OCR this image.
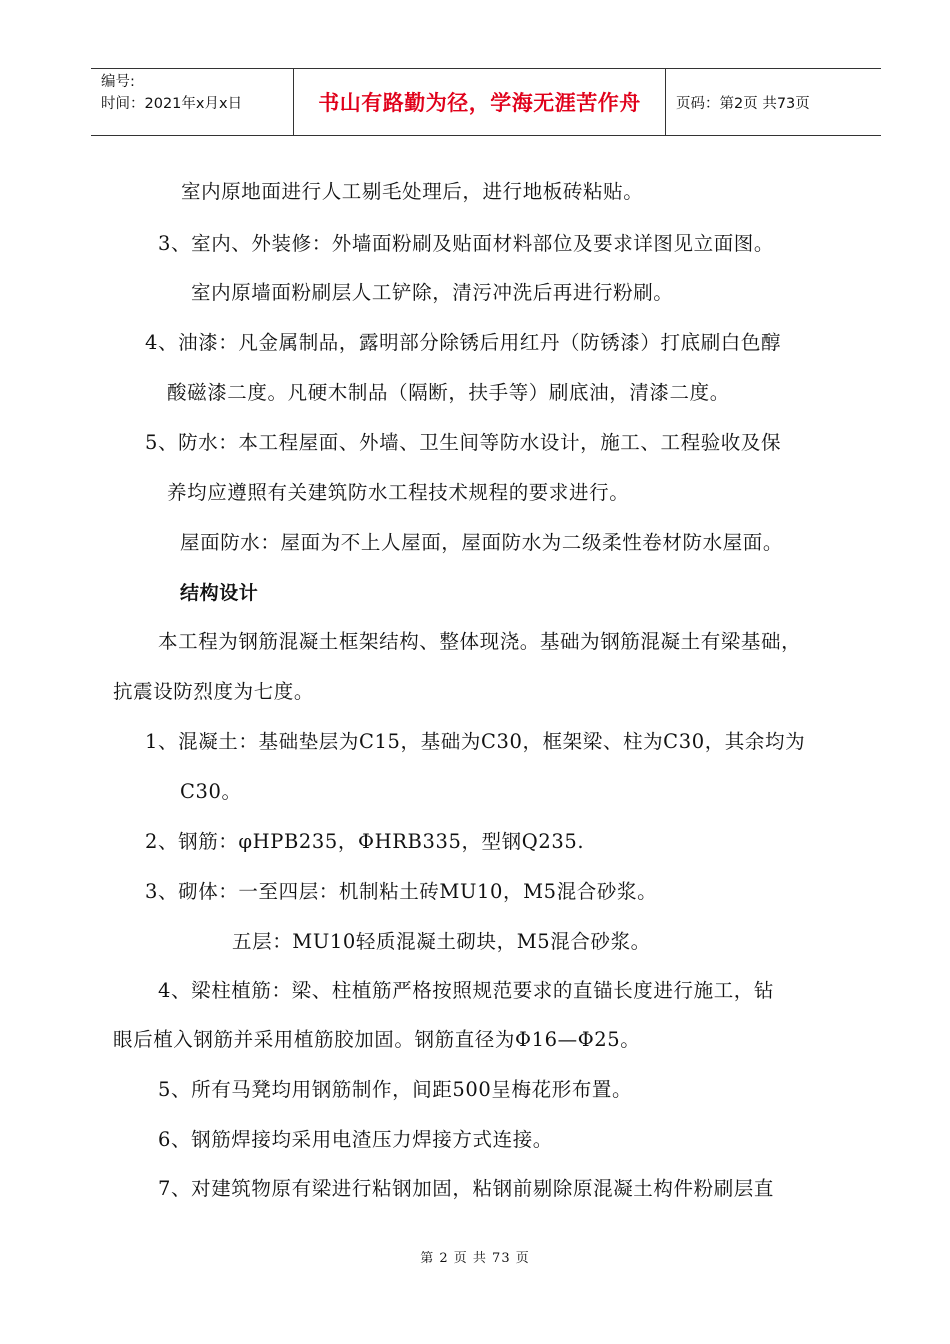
编号:
时间：2021年x月x日	书山有路勤为径，学海无涯苦作舟 页码：第2页 共73页
室内原地面进行人工剔毛处理后，进行地板砖粘贴。
3、室内、外装修：外墙面粉刷及贴面材料部位及要求详图见立面图。
室内原墙面粉刷层人工铲除，清污冲洗后再进行粉刷。
4、油漆：凡金属制品，露明部分除锈后用红丹（防锈漆）打底刷白色醇
酸磁漆二度。凡硬木制品（隔断，扶手等）刷底油，清漆二度。
5、防水：本工程屋面、外墙、卫生间等防水设计，施工、工程验收及保
养均应遵照有关建筑防水工程技术规程的要求进行。
屋面防水：屋面为不上人屋面，屋面防水为二级柔性卷材防水屋面。
结构设计
本工程为钢筋混凝土框架结构、整体现浇。基础为钢筋混凝土有梁基础，
抗震设防烈度为七度。
1、混凝土：基础垫层为C15，基础为C30，框架梁、柱为C30，其余均为
C30。
2、钢筋：φHPB235，ΦHRB335，型钢Q235.
3、砌体：一至四层：机制粘土砖MU10，M5混合砂浆。
五层：MU10轻质混凝土砌块，M5混合砂浆。
4、梁柱植筋：梁、柱植筋严格按照规范要求的直锚长度进行施工，钻
眼后植入钢筋并采用植筋胶加固。钢筋直径为Φ16—Φ25。
5、所有马凳均用钢筋制作，间距500呈梅花形布置。
6、钢筋焊接均采用电渣压力焊接方式连接。
7、对建筑物原有梁进行粘钢加固，粘钢前剔除原混凝土构件粉刷层直
第 2 页 共 73 页
